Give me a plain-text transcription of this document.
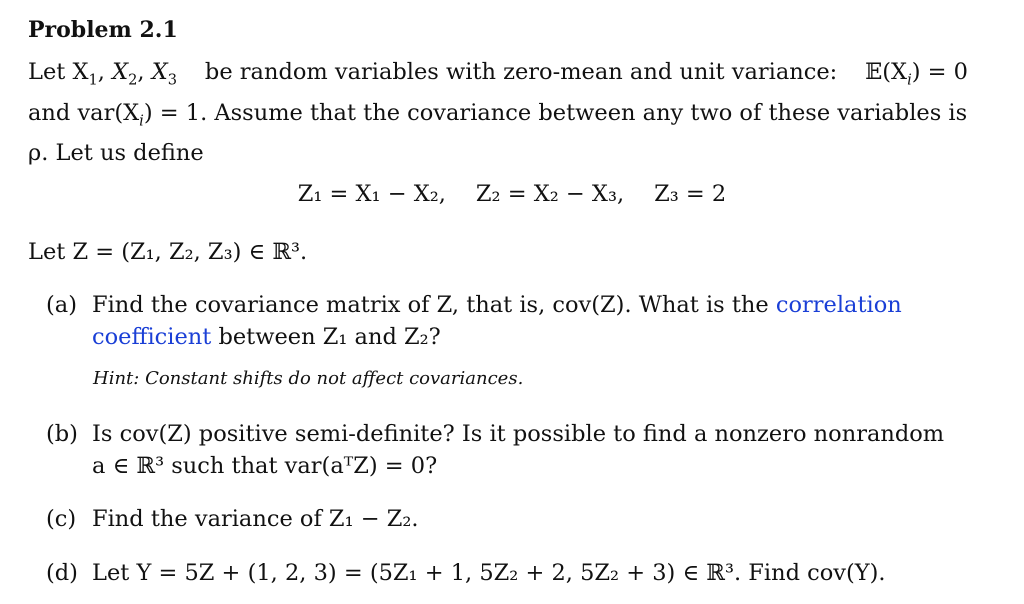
Problem 2.1
Let $X_1$, $X_2$, $X_3$ be random variables with zero-mean and unit variance: $𝔼(X_i) = 0$
and $var(X_i) = 1$. Assume that the covariance between any two of these variables is
ρ. Let us define
Z₁ = X₁ − X₂, Z₂ = X₂ − X₃, Z₃ = 2
Let Z = (Z₁, Z₂, Z₃) ∈ ℝ³.
(a) Find the covariance matrix of Z, that is, cov(Z). What is the correlation
coefficient between Z₁ and Z₂?
Hint: Constant shifts do not affect covariances.
(b) Is cov(Z) positive semi-definite? Is it possible to find a nonzero nonrandom
a ∈ ℝ³ such that var(aᵀZ) = 0?
(c) Find the variance of Z₁ − Z₂.
(d) Let Y = 5Z + (1, 2, 3) = (5Z₁ + 1, 5Z₂ + 2, 5Z₂ + 3) ∈ ℝ³. Find cov(Y).
